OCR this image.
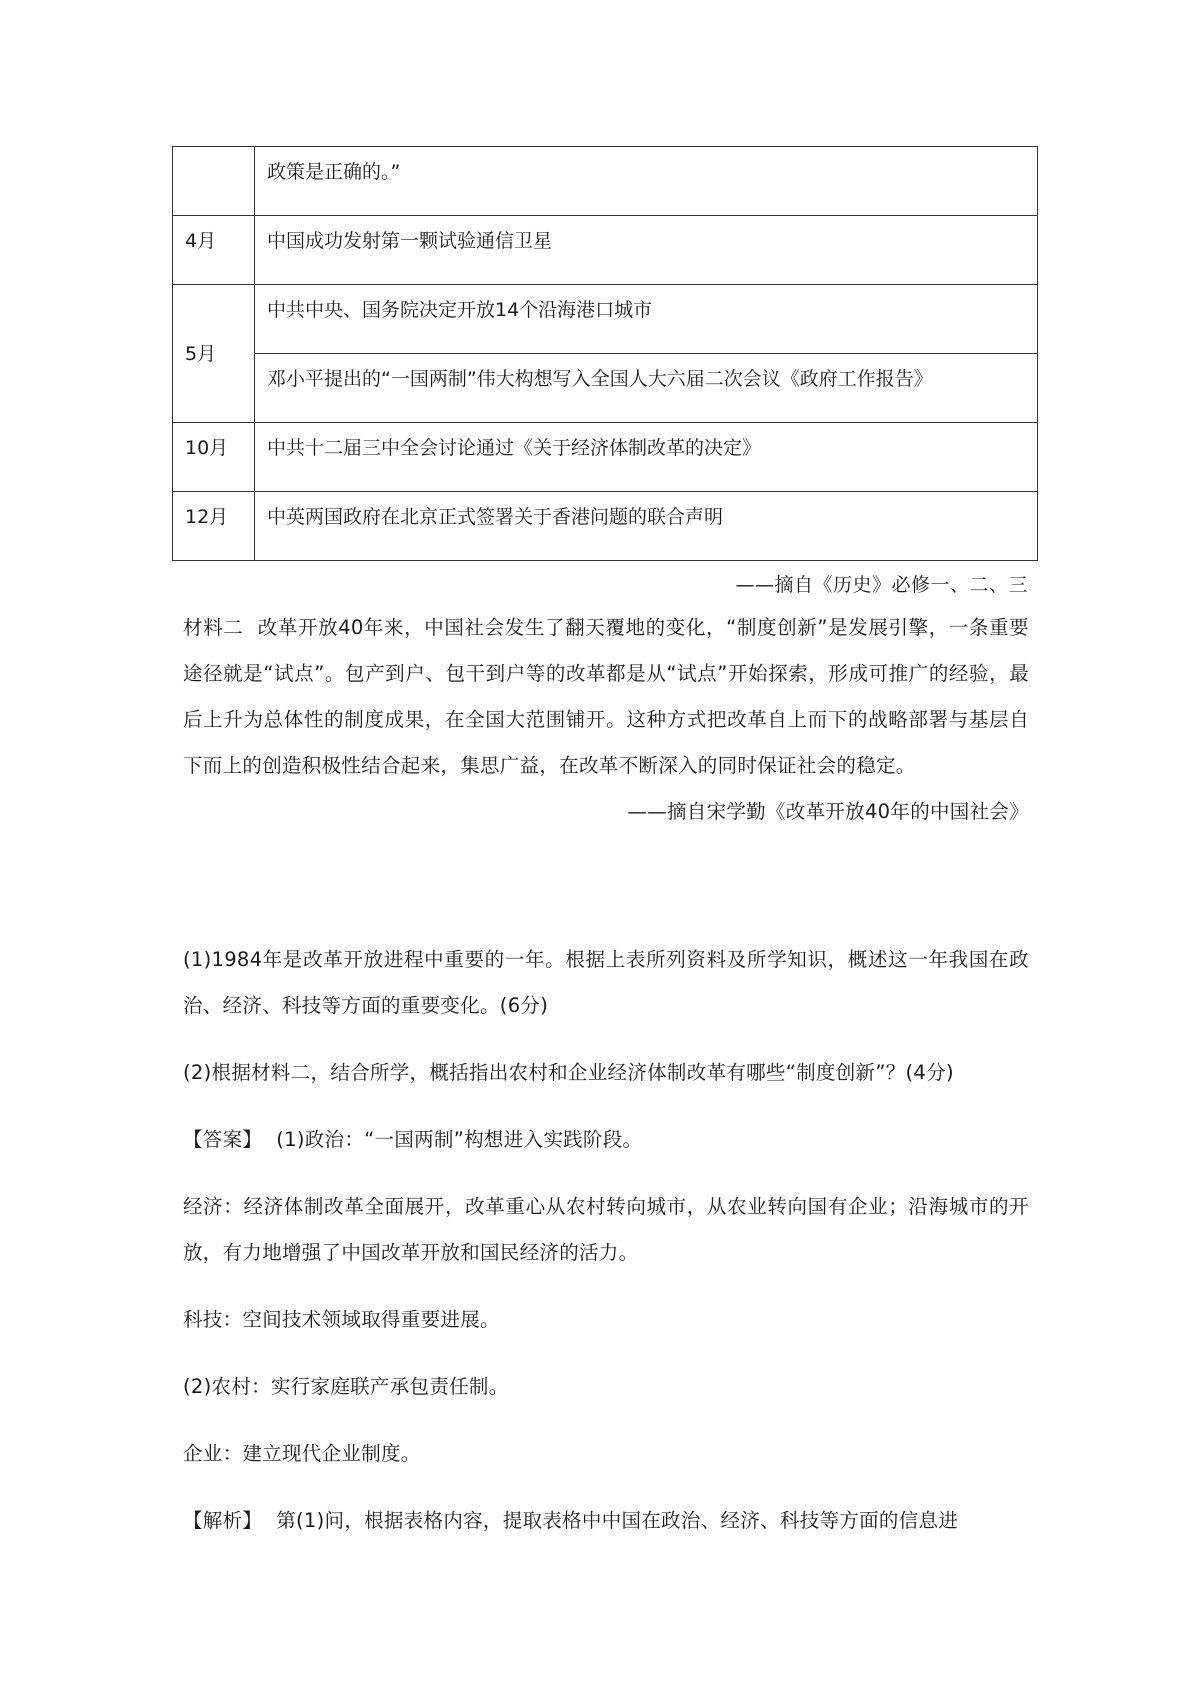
	政策是正确的。”
4月	中国成功发射第一颗试验通信卫星
5月	中共中央、国务院决定开放14个沿海港口城市
	邓小平提出的“一国两制”伟大构想写入全国人大六届二次会议《政府工作报告》
10月	中共十二届三中全会讨论通过《关于经济体制改革的决定》
12月	中英两国政府在北京正式签署关于香港问题的联合声明
——摘自《历史》必修一、二、三
材料二 改革开放40年来，中国社会发生了翻天覆地的变化，“制度创新”是发展引擎，一条重要途径就是“试点”。包产到户、包干到户等的改革都是从“试点”开始探索，形成可推广的经验，最后上升为总体性的制度成果，在全国大范围铺开。这种方式把改革自上而下的战略部署与基层自下而上的创造积极性结合起来，集思广益，在改革不断深入的同时保证社会的稳定。
——摘自宋学勤《改革开放40年的中国社会》
(1)1984年是改革开放进程中重要的一年。根据上表所列资料及所学知识，概述这一年我国在政治、经济、科技等方面的重要变化。(6分)
(2)根据材料二，结合所学，概括指出农村和企业经济体制改革有哪些“制度创新”？(4分)
【答案】 (1)政治：“一国两制”构想进入实践阶段。
经济：经济体制改革全面展开，改革重心从农村转向城市，从农业转向国有企业；沿海城市的开放，有力地增强了中国改革开放和国民经济的活力。
科技：空间技术领域取得重要进展。
(2)农村：实行家庭联产承包责任制。
企业：建立现代企业制度。
【解析】 第(1)问，根据表格内容，提取表格中中国在政治、经济、科技等方面的信息进
